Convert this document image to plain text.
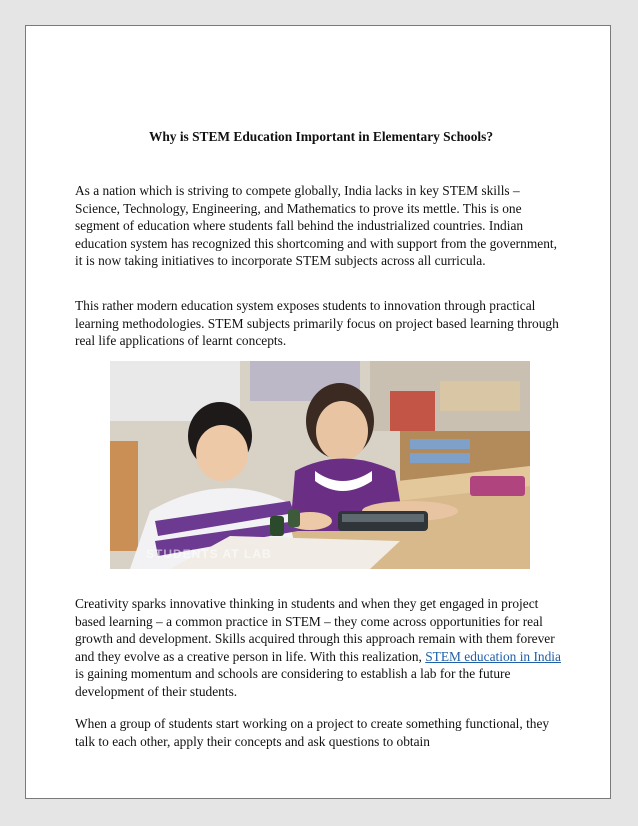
Why is STEM Education Important in Elementary Schools?
As a nation which is striving to compete globally, India lacks in key STEM skills – Science, Technology, Engineering, and Mathematics to prove its mettle. This is one segment of education where students fall behind the industrialized countries. Indian education system has recognized this shortcoming and with support from the government, it is now taking initiatives to incorporate STEM subjects across all curricula.
This rather modern education system exposes students to innovation through practical learning methodologies. STEM subjects primarily focus on project based learning through real life applications of learnt concepts.
STUDENTS AT LAB
Creativity sparks innovative thinking in students and when they get engaged in project based learning – a common practice in STEM – they come across opportunities for real growth and development. Skills acquired through this approach remain with them forever and they evolve as a creative person in life. With this realization, STEM education in India is gaining momentum and schools are considering to establish a lab for the future development of their students.
When a group of students start working on a project to create something functional, they talk to each other, apply their concepts and ask questions to obtain
